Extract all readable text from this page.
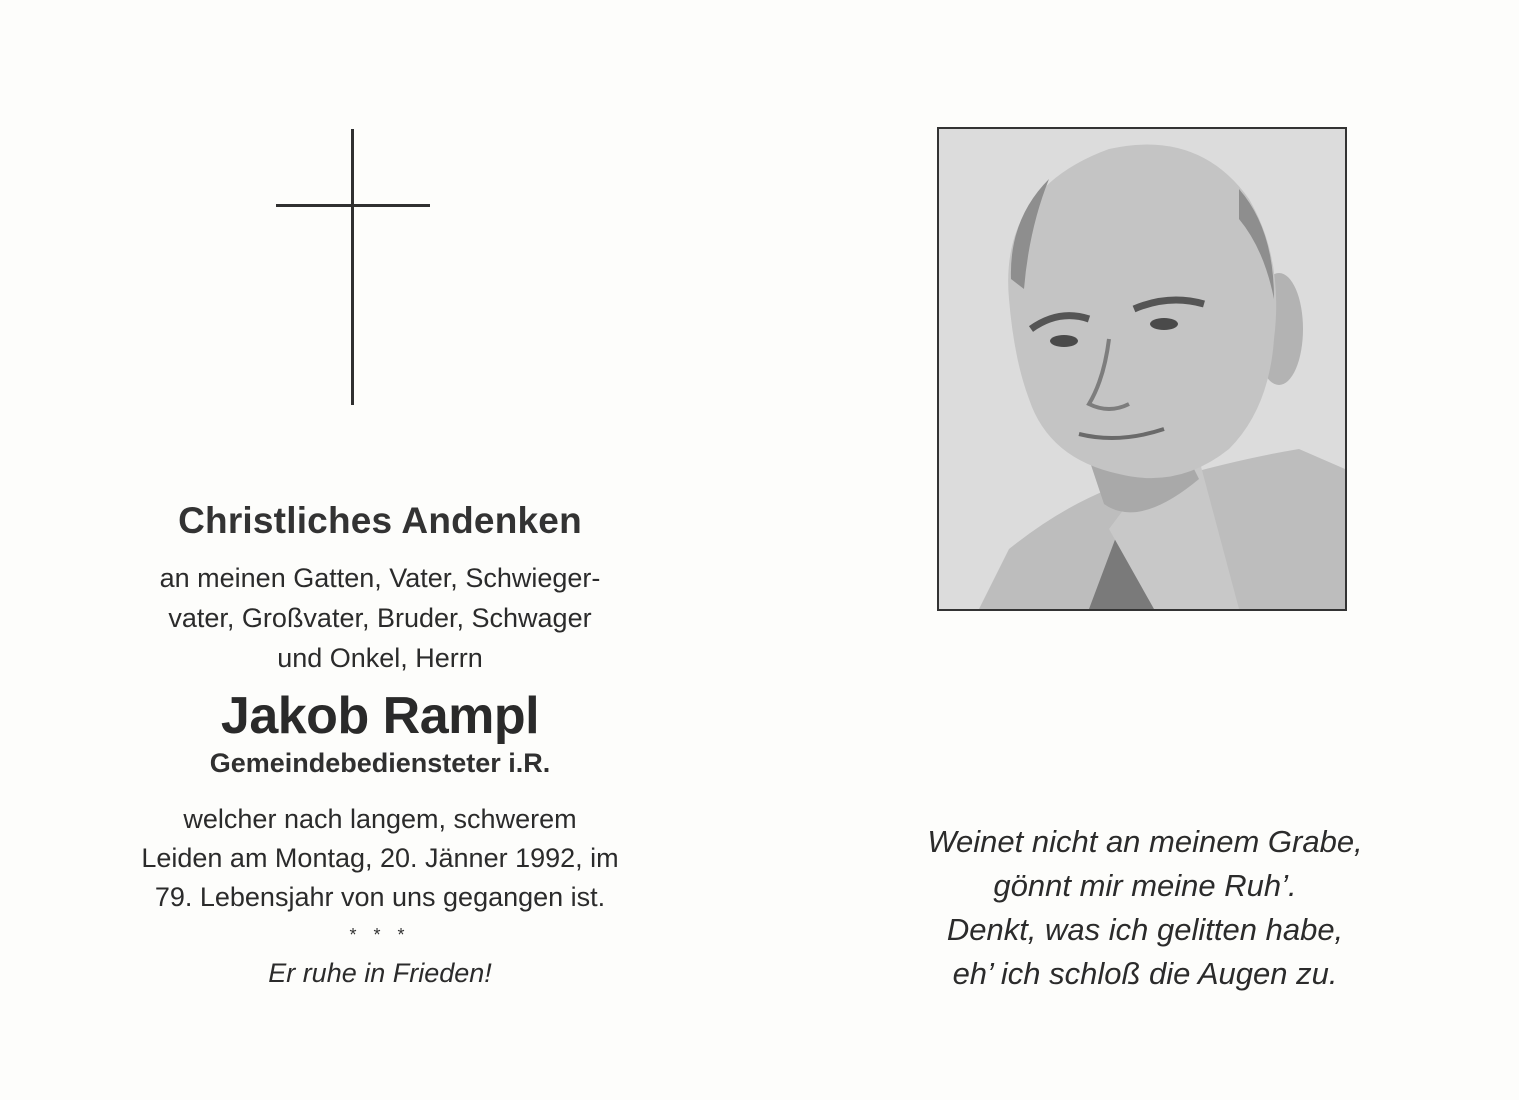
Christliches Andenken
an meinen Gatten, Vater, Schwieger-
vater, Großvater, Bruder, Schwager
und Onkel, Herrn
Jakob Rampl
Gemeindebediensteter i.R.
welcher nach langem, schwerem
Leiden am Montag, 20. Jänner 1992, im
79. Lebensjahr von uns gegangen ist.
* * *
Er ruhe in Frieden!
Weinet nicht an meinem Grabe,
gönnt mir meine Ruh’.
Denkt, was ich gelitten habe,
eh’ ich schloß die Augen zu.
